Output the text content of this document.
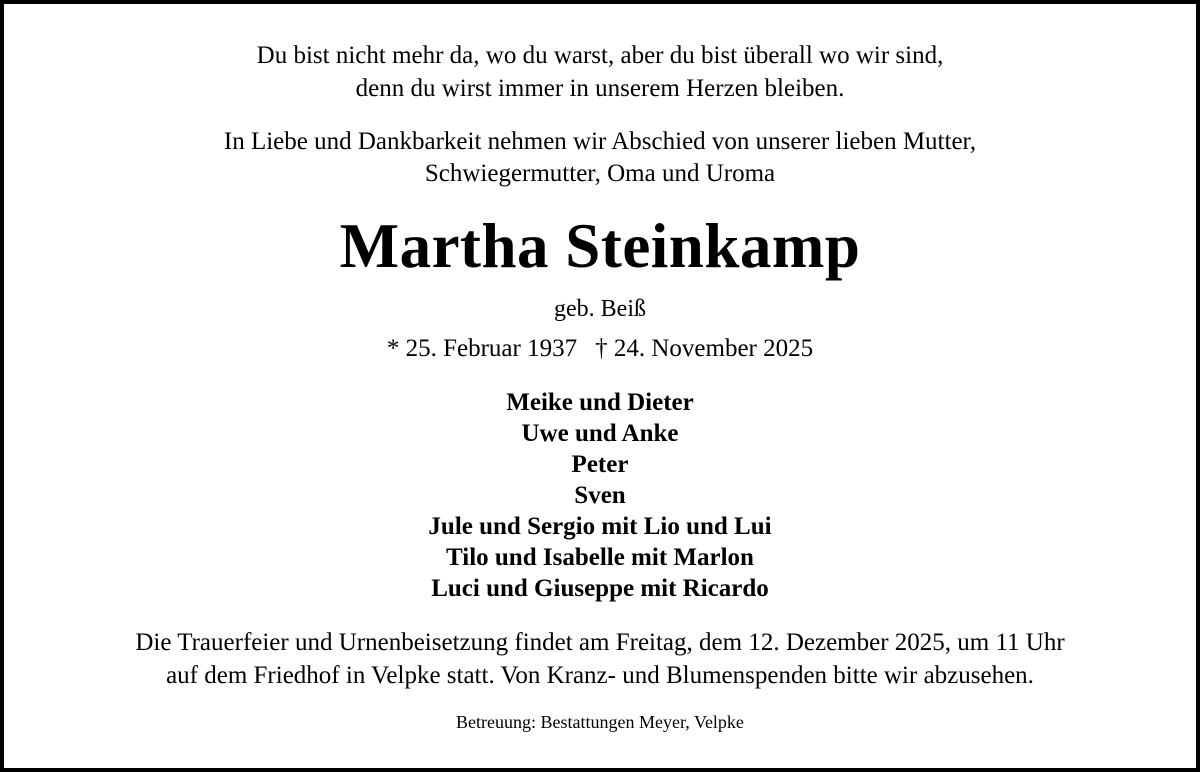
Du bist nicht mehr da, wo du warst, aber du bist überall wo wir sind,
denn du wirst immer in unserem Herzen bleiben.
In Liebe und Dankbarkeit nehmen wir Abschied von unserer lieben Mutter,
Schwiegermutter, Oma und Uroma
Martha Steinkamp
geb. Beiß
* 25. Februar 1937 † 24. November 2025
Meike und Dieter
Uwe und Anke
Peter
Sven
Jule und Sergio mit Lio und Lui
Tilo und Isabelle mit Marlon
Luci und Giuseppe mit Ricardo
Die Trauerfeier und Urnenbeisetzung findet am Freitag, dem 12. Dezember 2025, um 11 Uhr
auf dem Friedhof in Velpke statt. Von Kranz- und Blumenspenden bitte wir abzusehen.
Betreuung: Bestattungen Meyer, Velpke
